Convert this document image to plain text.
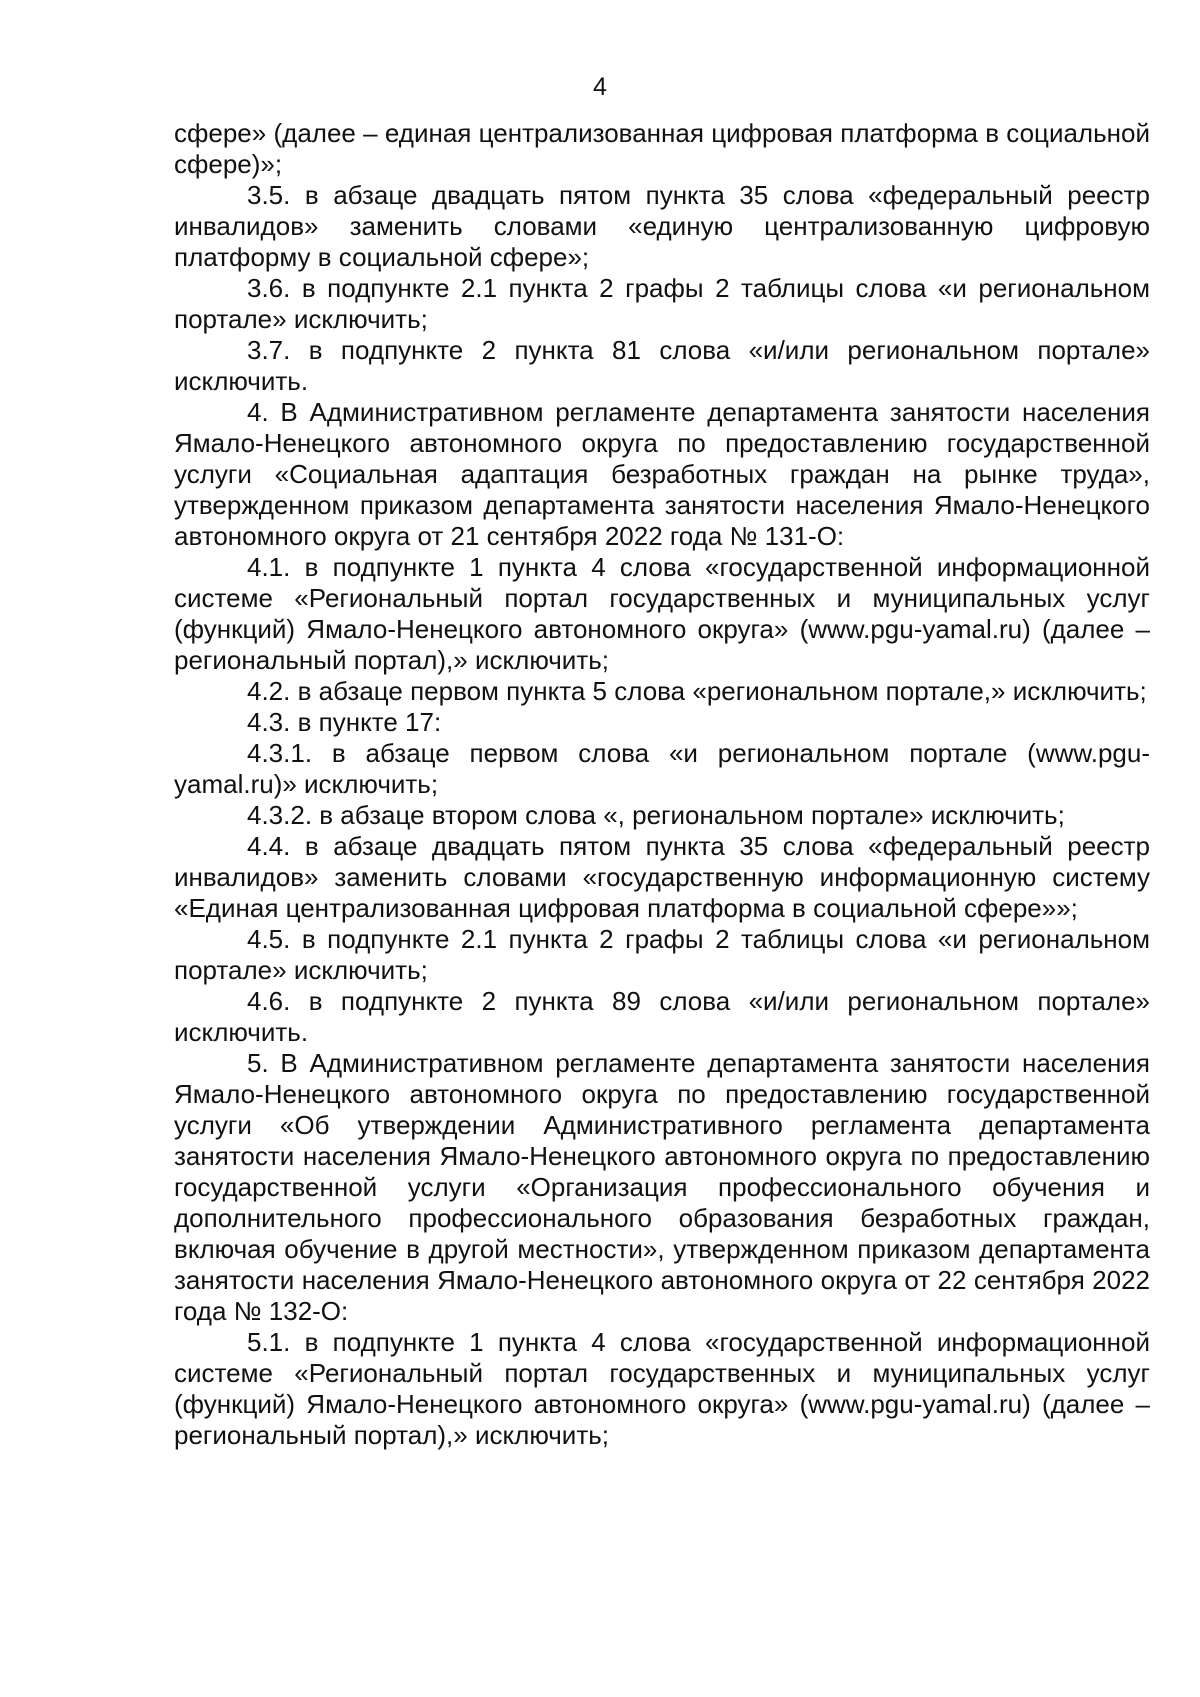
4

сфере» (далее – единая централизованная цифровая платформа в социальной сфере)»;

3.5. в абзаце двадцать пятом пункта 35 слова «федеральный реестр инвалидов» заменить словами «единую централизованную цифровую платформу в социальной сфере»;

3.6. в подпункте 2.1 пункта 2 графы 2 таблицы слова «и региональном портале» исключить;

3.7. в подпункте 2 пункта 81 слова «и/или региональном портале» исключить.

4. В Административном регламенте департамента занятости населения Ямало-Ненецкого автономного округа по предоставлению государственной услуги «Социальная адаптация безработных граждан на рынке труда», утвержденном приказом департамента занятости населения Ямало-Ненецкого автономного округа от 21 сентября 2022 года № 131-О:

4.1. в подпункте 1 пункта 4 слова «государственной информационной системе «Региональный портал государственных и муниципальных услуг (функций) Ямало-Ненецкого автономного округа» (www.pgu-yamal.ru) (далее – региональный портал),» исключить;

4.2. в абзаце первом пункта 5 слова «региональном портале,» исключить;

4.3. в пункте 17:

4.3.1. в абзаце первом слова «и региональном портале (www.pgu-yamal.ru)» исключить;

4.3.2. в абзаце втором слова «, региональном портале» исключить;

4.4. в абзаце двадцать пятом пункта 35 слова «федеральный реестр инвалидов» заменить словами «государственную информационную систему «Единая централизованная цифровая платформа в социальной сфере»»;

4.5. в подпункте 2.1 пункта 2 графы 2 таблицы слова «и региональном портале» исключить;

4.6. в подпункте 2 пункта 89 слова «и/или региональном портале» исключить.

5. В Административном регламенте департамента занятости населения Ямало-Ненецкого автономного округа по предоставлению государственной услуги «Об утверждении Административного регламента департамента занятости населения Ямало-Ненецкого автономного округа по предоставлению государственной услуги «Организация профессионального обучения и дополнительного профессионального образования безработных граждан, включая обучение в другой местности», утвержденном приказом департамента занятости населения Ямало-Ненецкого автономного округа от 22 сентября 2022 года № 132-О:

5.1. в подпункте 1 пункта 4 слова «государственной информационной системе «Региональный портал государственных и муниципальных услуг (функций) Ямало-Ненецкого автономного округа» (www.pgu-yamal.ru) (далее – региональный портал),» исключить;
